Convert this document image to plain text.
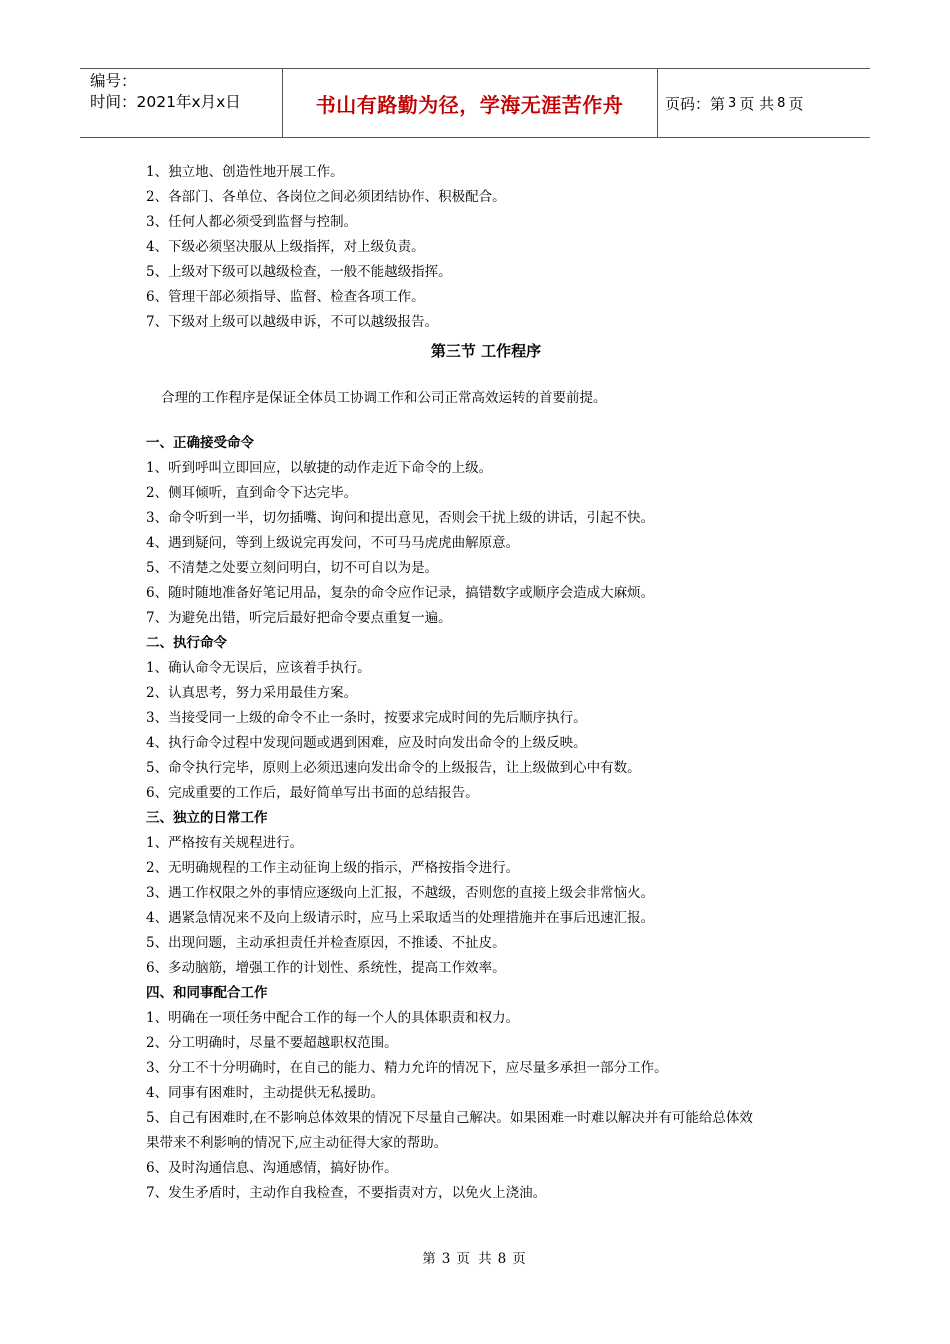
编号：
时间：2021年x月x日	书山有路勤为径，学海无涯苦作舟	页码：第 3 页 共 8 页
1、独立地、创造性地开展工作。
2、各部门、各单位、各岗位之间必须团结协作、积极配合。
3、任何人都必须受到监督与控制。
4、下级必须坚决服从上级指挥，对上级负责。
5、上级对下级可以越级检查，一般不能越级指挥。
6、管理干部必须指导、监督、检查各项工作。
7、下级对上级可以越级申诉，不可以越级报告。
第三节 工作程序
合理的工作程序是保证全体员工协调工作和公司正常高效运转的首要前提。
一、正确接受命令
1、听到呼叫立即回应，以敏捷的动作走近下命令的上级。
2、侧耳倾听，直到命令下达完毕。
3、命令听到一半，切勿插嘴、询问和提出意见，否则会干扰上级的讲话，引起不快。
4、遇到疑问，等到上级说完再发问，不可马马虎虎曲解原意。
5、不清楚之处要立刻问明白，切不可自以为是。
6、随时随地准备好笔记用品，复杂的命令应作记录，搞错数字或顺序会造成大麻烦。
7、为避免出错，听完后最好把命令要点重复一遍。
二、执行命令
1、确认命令无误后，应该着手执行。
2、认真思考，努力采用最佳方案。
3、当接受同一上级的命令不止一条时，按要求完成时间的先后顺序执行。
4、执行命令过程中发现问题或遇到困难，应及时向发出命令的上级反映。
5、命令执行完毕，原则上必须迅速向发出命令的上级报告，让上级做到心中有数。
6、完成重要的工作后，最好简单写出书面的总结报告。
三、独立的日常工作
1、严格按有关规程进行。
2、无明确规程的工作主动征询上级的指示，严格按指令进行。
3、遇工作权限之外的事情应逐级向上汇报，不越级，否则您的直接上级会非常恼火。
4、遇紧急情况来不及向上级请示时，应马上采取适当的处理措施并在事后迅速汇报。
5、出现问题，主动承担责任并检查原因，不推诿、不扯皮。
6、多动脑筋，增强工作的计划性、系统性，提高工作效率。
四、和同事配合工作
1、明确在一项任务中配合工作的每一个人的具体职责和权力。
2、分工明确时，尽量不要超越职权范围。
3、分工不十分明确时，在自己的能力、精力允许的情况下，应尽量多承担一部分工作。
4、同事有困难时，主动提供无私援助。
5、自己有困难时,在不影响总体效果的情况下尽量自己解决。如果困难一时难以解决并有可能给总体效
果带来不利影响的情况下,应主动征得大家的帮助。
6、及时沟通信息、沟通感情，搞好协作。
7、发生矛盾时，主动作自我检查，不要指责对方，以免火上浇油。
第 3 页 共 8 页
